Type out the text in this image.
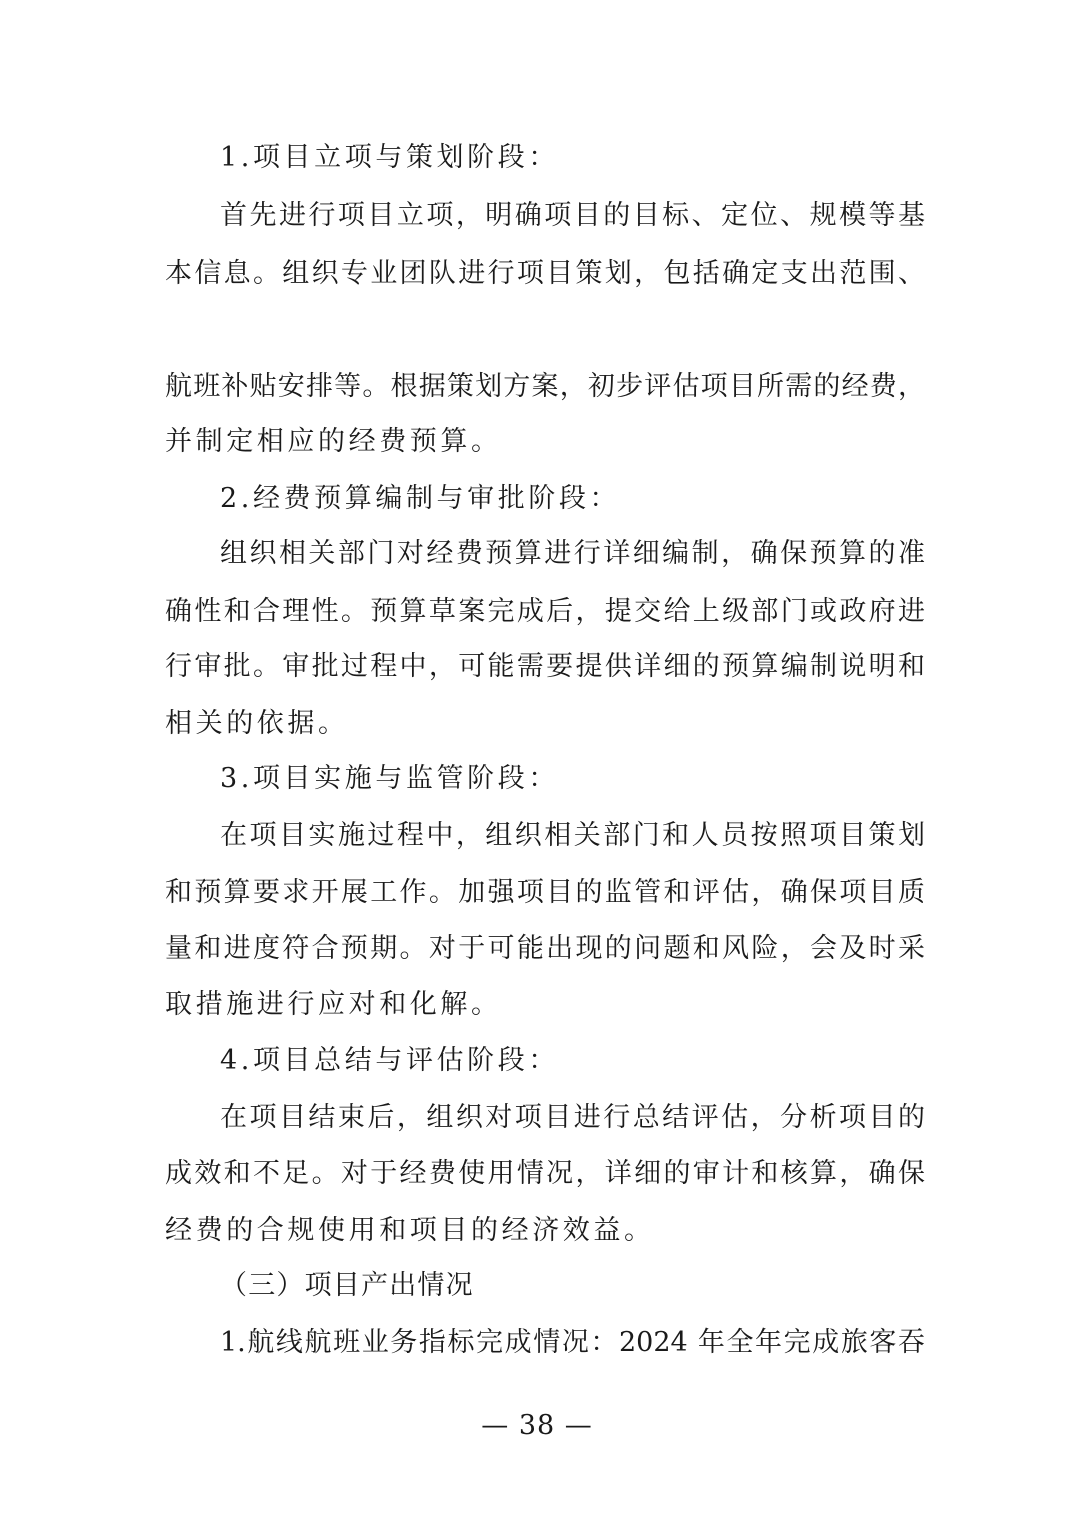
1.项目立项与策划阶段：
首先进行项目立项，明确项目的目标、定位、规模等基
本信息。组织专业团队进行项目策划，包括确定支出范围、
航班补贴安排等。根据策划方案，初步评估项目所需的经费，
并制定相应的经费预算。
2.经费预算编制与审批阶段：
组织相关部门对经费预算进行详细编制，确保预算的准
确性和合理性。预算草案完成后，提交给上级部门或政府进
行审批。审批过程中，可能需要提供详细的预算编制说明和
相关的依据。
3.项目实施与监管阶段：
在项目实施过程中，组织相关部门和人员按照项目策划
和预算要求开展工作。加强项目的监管和评估，确保项目质
量和进度符合预期。对于可能出现的问题和风险，会及时采
取措施进行应对和化解。
4.项目总结与评估阶段：
在项目结束后，组织对项目进行总结评估，分析项目的
成效和不足。对于经费使用情况，详细的审计和核算，确保
经费的合规使用和项目的经济效益。
（三）项目产出情况
1.航线航班业务指标完成情况：2024 年全年完成旅客吞
— 38 —
